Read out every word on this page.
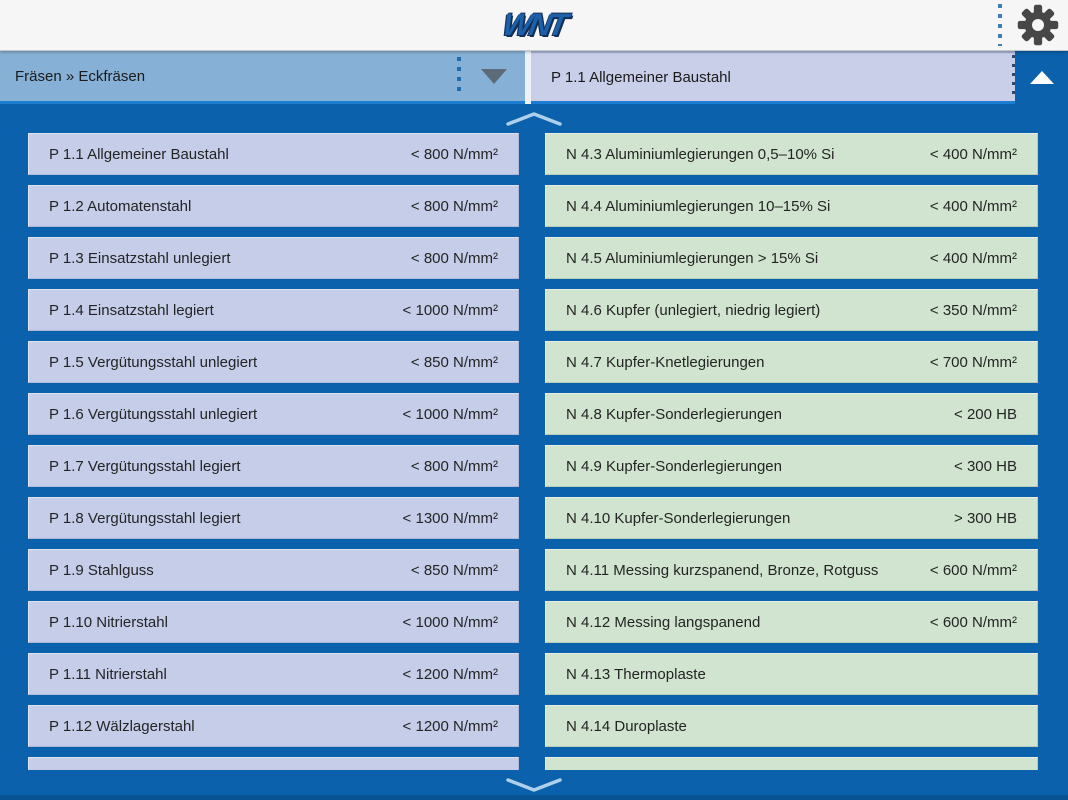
WNT
Fräsen » Eckfräsen	P 1.1 Allgemeiner Baustahl
P 1.1 Allgemeiner Baustahl	< 800 N/mm²
P 1.2 Automatenstahl	< 800 N/mm²
P 1.3 Einsatzstahl unlegiert	< 800 N/mm²
P 1.4 Einsatzstahl legiert	< 1000 N/mm²
P 1.5 Vergütungsstahl unlegiert	< 850 N/mm²
P 1.6 Vergütungsstahl unlegiert	< 1000 N/mm²
P 1.7 Vergütungsstahl legiert	< 800 N/mm²
P 1.8 Vergütungsstahl legiert	< 1300 N/mm²
P 1.9 Stahlguss	< 850 N/mm²
P 1.10 Nitrierstahl	< 1000 N/mm²
P 1.11 Nitrierstahl	< 1200 N/mm²
P 1.12 Wälzlagerstahl	< 1200 N/mm²
N 4.3 Aluminiumlegierungen 0,5–10% Si	< 400 N/mm²
N 4.4 Aluminiumlegierungen 10–15% Si	< 400 N/mm²
N 4.5 Aluminiumlegierungen > 15% Si	< 400 N/mm²
N 4.6 Kupfer (unlegiert, niedrig legiert)	< 350 N/mm²
N 4.7 Kupfer-Knetlegierungen	< 700 N/mm²
N 4.8 Kupfer-Sonderlegierungen	< 200 HB
N 4.9 Kupfer-Sonderlegierungen	< 300 HB
N 4.10 Kupfer-Sonderlegierungen	> 300 HB
N 4.11 Messing kurzspanend, Bronze, Rotguss	< 600 N/mm²
N 4.12 Messing langspanend	< 600 N/mm²
N 4.13 Thermoplaste
N 4.14 Duroplaste
